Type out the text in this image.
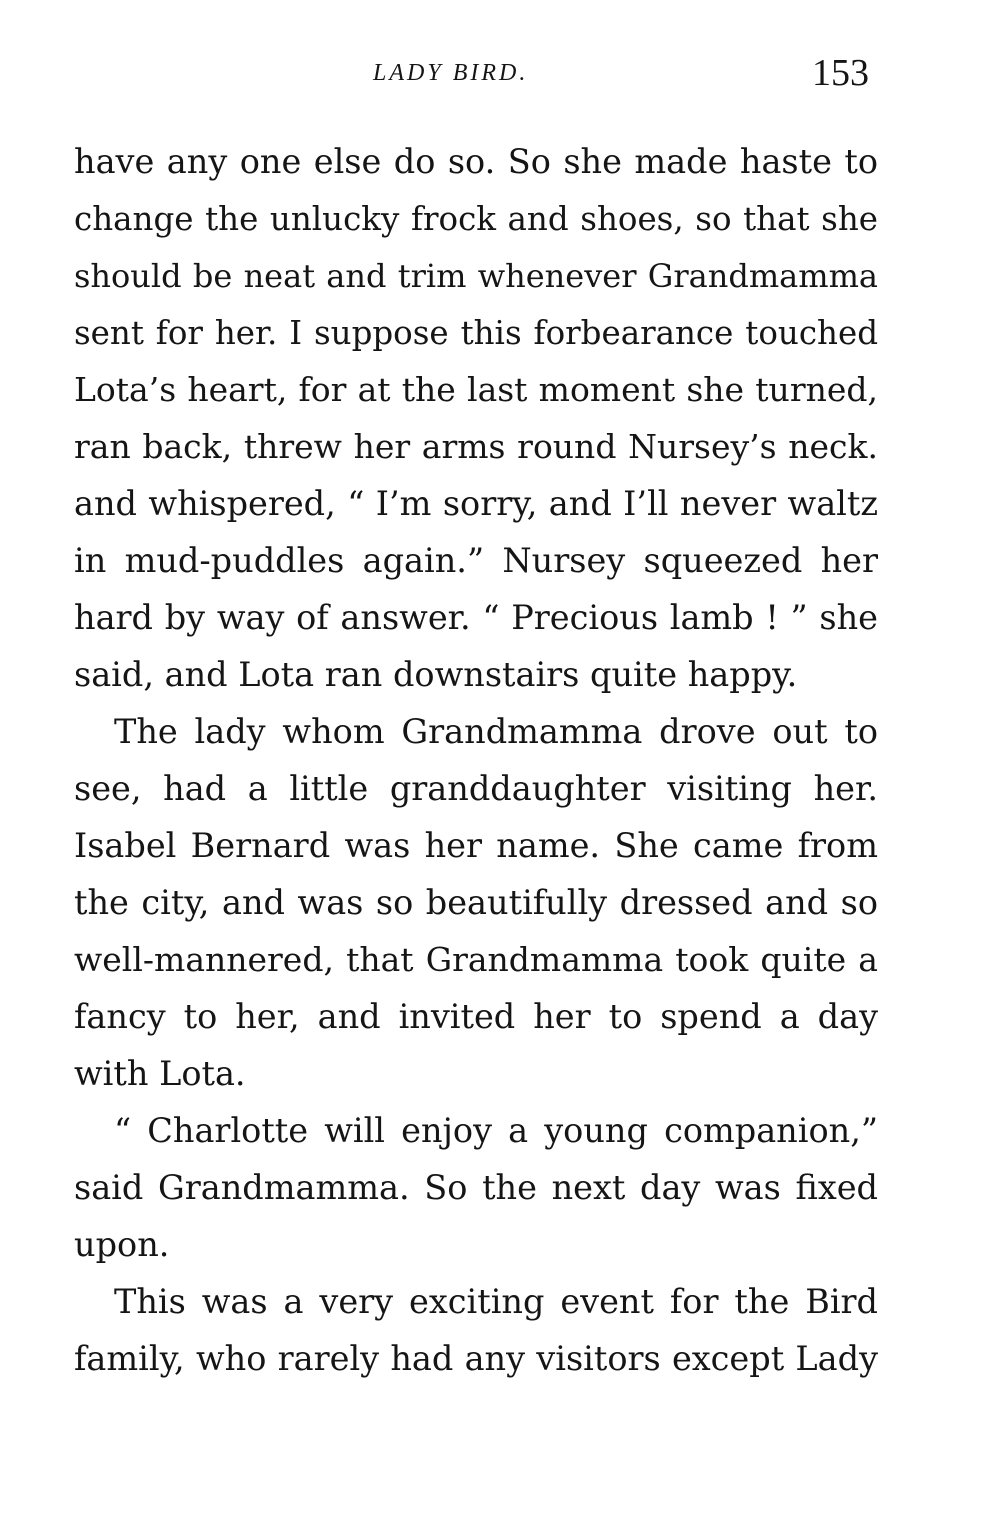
LADY BIRD.	153
have any one else do so. So she made haste to
change the unlucky frock and shoes, so that she
should be neat and trim whenever Grandmamma
sent for her. I suppose this forbearance touched
Lota’s heart, for at the last moment she turned,
ran back, threw her arms round Nursey’s neck.
and whispered, “ I’m sorry, and I’ll never waltz
in mud-puddles again.” Nursey squeezed her
hard by way of answer. “ Precious lamb ! ” she
said, and Lota ran downstairs quite happy.
The lady whom Grandmamma drove out to
see, had a little granddaughter visiting her.
Isabel Bernard was her name. She came from
the city, and was so beautifully dressed and so
well-mannered, that Grandmamma took quite a
fancy to her, and invited her to spend a day
with Lota.
“ Charlotte will enjoy a young companion,”
said Grandmamma. So the next day was fixed
upon.
This was a very exciting event for the Bird
family, who rarely had any visitors except Lady
